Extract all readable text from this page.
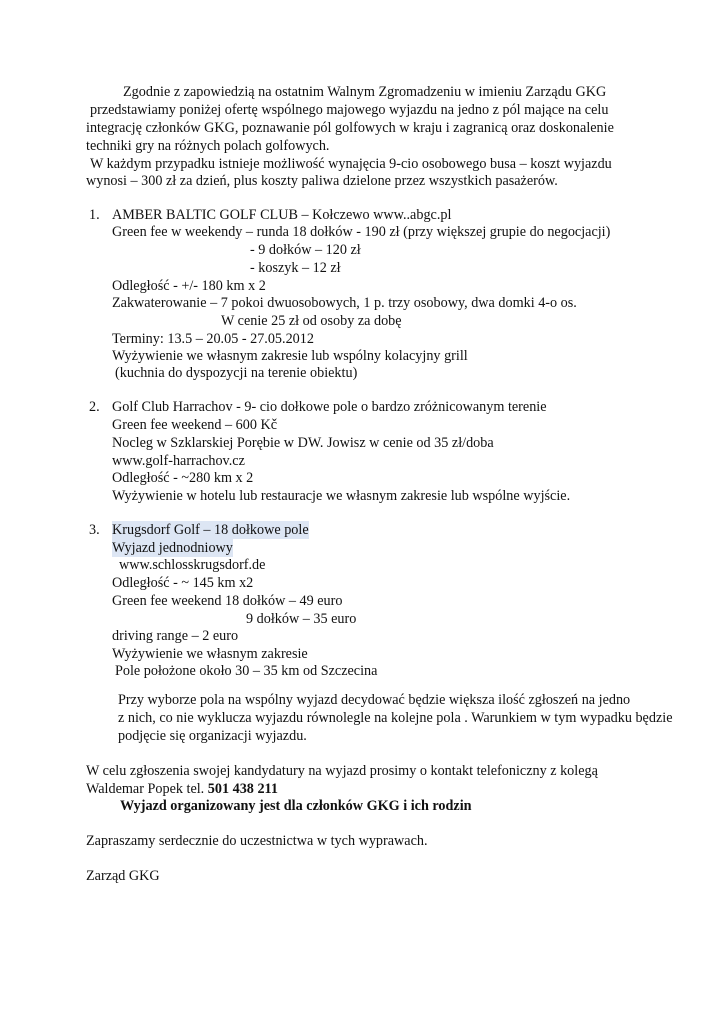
Zgodnie z zapowiedzią na ostatnim Walnym Zgromadzeniu w imieniu Zarządu GKG
przedstawiamy poniżej ofertę wspólnego majowego wyjazdu na jedno z pól mające na celu
integrację członków GKG, poznawanie pól golfowych w kraju i zagranicą oraz doskonalenie
techniki gry na różnych polach golfowych.
W każdym przypadku istnieje możliwość wynajęcia 9-cio osobowego busa – koszt wyjazdu
wynosi – 300 zł za dzień, plus koszty paliwa dzielone przez wszystkich pasażerów.
1. AMBER BALTIC GOLF CLUB – Kołczewo www..abgc.pl
Green fee w weekendy – runda 18 dołków - 190 zł (przy większej grupie do negocjacji)
- 9 dołków – 120 zł
- koszyk – 12 zł
Odległość - +/- 180 km x 2
Zakwaterowanie – 7 pokoi dwuosobowych, 1 p. trzy osobowy, dwa domki 4-o os.
W cenie 25 zł od osoby za dobę
Terminy: 13.5 – 20.05 - 27.05.2012
Wyżywienie we własnym zakresie lub wspólny kolacyjny grill
(kuchnia do dyspozycji na terenie obiektu)
2. Golf Club Harrachov - 9- cio dołkowe pole o bardzo zróżnicowanym terenie
Green fee weekend – 600 Kč
Nocleg w Szklarskiej Porębie w DW. Jowisz w cenie od 35 zł/doba
www.golf-harrachov.cz
Odległość - ~280 km x 2
Wyżywienie w hotelu lub restauracje we własnym zakresie lub wspólne wyjście.
3. Krugsdorf Golf – 18 dołkowe pole
Wyjazd jednodniowy
www.schlosskrugsdorf.de
Odległość - ~ 145 km x2
Green fee weekend 18 dołków – 49 euro
9 dołków – 35 euro
driving range – 2 euro
Wyżywienie we własnym zakresie
Pole położone około 30 – 35 km od Szczecina
Przy wyborze pola na wspólny wyjazd decydować będzie większa ilość zgłoszeń na jedno
z nich, co nie wyklucza wyjazdu równolegle na kolejne pola . Warunkiem w tym wypadku będzie
podjęcie się organizacji wyjazdu.
W celu zgłoszenia swojej kandydatury na wyjazd prosimy o kontakt telefoniczny z kolegą
Waldemar Popek tel. 501 438 211
Wyjazd organizowany jest dla członków GKG i ich rodzin
Zapraszamy serdecznie do uczestnictwa w tych wyprawach.
Zarząd GKG
